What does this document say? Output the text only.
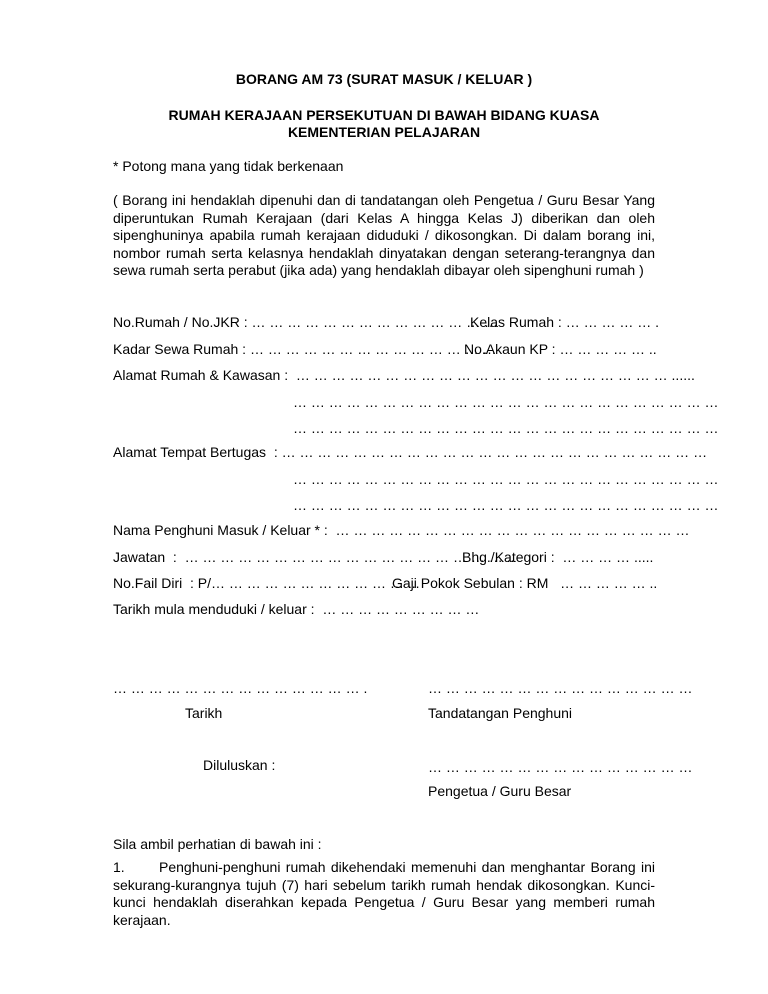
BORANG AM 73 (SURAT MASUK / KELUAR )
RUMAH KERAJAAN PERSEKUTUAN DI BAWAH BIDANG KUASA
KEMENTERIAN PELAJARAN
* Potong mana yang tidak berkenaan
( Borang ini hendaklah dipenuhi dan di tandatangan oleh Pengetua / Guru Besar Yang diperuntukan Rumah Kerajaan (dari Kelas A hingga Kelas J) diberikan dan oleh sipenghuninya apabila rumah kerajaan diduduki / dikosongkan. Di dalam borang ini, nombor rumah serta kelasnya hendaklah dinyatakan dengan seterang-terangnya dan sewa rumah serta perabut (jika ada) yang hendaklah dibayar oleh sipenghuni rumah )
No.Rumah / No.JKR : … … … … … … … … … … … … … …
Kelas Rumah : … … … … … .
Kadar Sewa Rumah : … … … … … … … … … … … … … …
No.Akaun KP : … … … … … ..
Alamat Rumah & Kawasan :  … … … … … … … … … … … … … … … … … … … … … ......
… … … … … … … … … … … … … … … … … … … … … … … …
… … … … … … … … … … … … … … … … … … … … … … … …
Alamat Tempat Bertugas  : … … … … … … … … … … … … … … … … … … … … … … … …
… … … … … … … … … … … … … … … … … … … … … … … …
… … … … … … … … … … … … … … … … … … … … … … … …
Nama Penghuni Masuk / Keluar * :  … … … … … … … … … … … … … … … … … … … …
Jawatan  :  … … … … … … … … … … … … … … … … … … ..
Bhg./Kategori :  … … … … .....
No.Fail Diri  : P/… … … … … … … … … … … ...
Gaji Pokok Sebulan : RM   … … … … … ..
Tarikh mula menduduki / keluar :  … … … … … … … … …
… … … … … … … … … … … … … … .	… … … … … … … … … … … … … … …
Tarikh	Tandatangan Penghuni
Diluluskan :	… … … … … … … … … … … … … … …
Pengetua / Guru Besar
Sila ambil perhatian di bawah ini :
1.	Penghuni-penghuni rumah dikehendaki memenuhi dan menghantar Borang ini sekurang-kurangnya tujuh (7) hari sebelum tarikh rumah hendak dikosongkan. Kunci-kunci hendaklah diserahkan kepada Pengetua / Guru Besar yang memberi rumah kerajaan.
